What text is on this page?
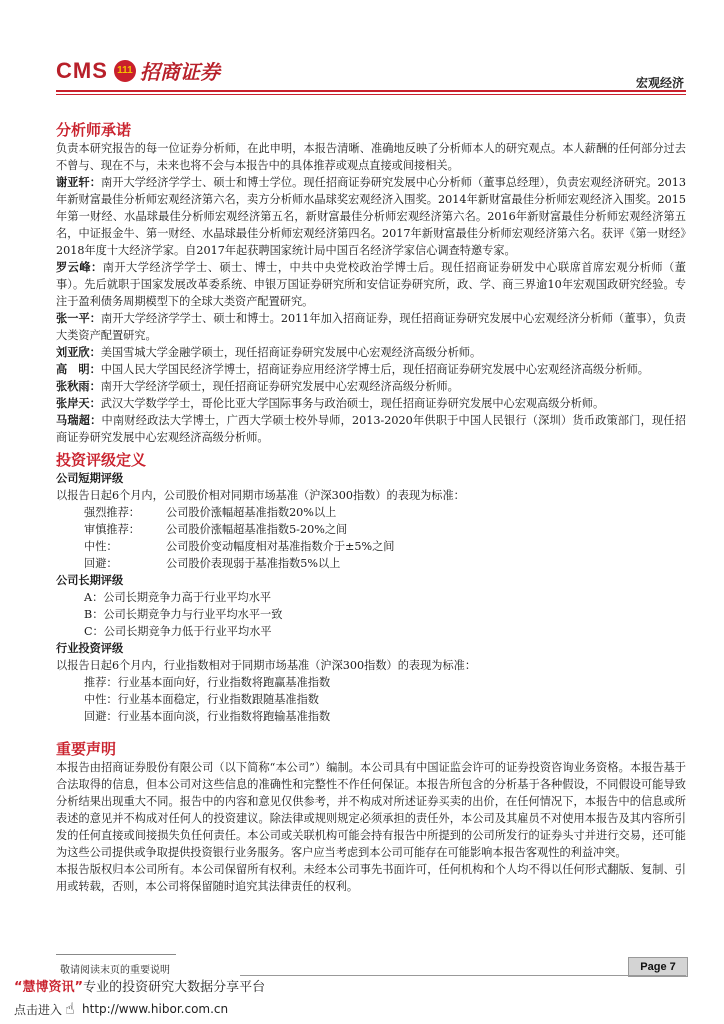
CMS 111 招商证券	宏观经济
分析师承诺

负责本研究报告的每一位证券分析师，在此申明，本报告清晰、准确地反映了分析师本人的研究观点。本人薪酬的任何部分过去不曾与、现在不与，未来也将不会与本报告中的具体推荐或观点直接或间接相关。

谢亚轩：南开大学经济学学士、硕士和博士学位。现任招商证券研究发展中心分析师（董事总经理），负责宏观经济研究。2013年新财富最佳分析师宏观经济第六名，卖方分析师水晶球奖宏观经济入围奖。2014年新财富最佳分析师宏观经济入围奖。2015年第一财经、水晶球最佳分析师宏观经济第五名，新财富最佳分析师宏观经济第六名。2016年新财富最佳分析师宏观经济第五名，中证报金牛、第一财经、水晶球最佳分析师宏观经济第四名。2017年新财富最佳分析师宏观经济第六名。获评《第一财经》2018年度十大经济学家。自2017年起获聘国家统计局中国百名经济学家信心调查特邀专家。

罗云峰：南开大学经济学学士、硕士、博士，中共中央党校政治学博士后。现任招商证券研发中心联席首席宏观分析师（董事）。先后就职于国家发展改革委系统、申银万国证券研究所和安信证券研究所，政、学、商三界逾10年宏观国政研究经验。专注于盈利债务周期模型下的全球大类资产配置研究。

张一平：南开大学经济学学士、硕士和博士。2011年加入招商证券，现任招商证券研究发展中心宏观经济分析师（董事），负责大类资产配置研究。

刘亚欣：美国雪城大学金融学硕士，现任招商证券研究发展中心宏观经济高级分析师。

高　明：中国人民大学国民经济学博士，招商证券应用经济学博士后，现任招商证券研究发展中心宏观经济高级分析师。

张秋雨：南开大学经济学硕士，现任招商证券研究发展中心宏观经济高级分析师。

张岸天：武汉大学数学学士，哥伦比亚大学国际事务与政治硕士，现任招商证券研究发展中心宏观高级分析师。

马瑞超：中南财经政法大学博士，广西大学硕士校外导师，2013-2020年供职于中国人民银行（深圳）货币政策部门，现任招商证券研究发展中心宏观经济高级分析师。

投资评级定义

公司短期评级

以报告日起6个月内，公司股价相对同期市场基准（沪深300指数）的表现为标准：

强烈推荐： 公司股价涨幅超基准指数20%以上
审慎推荐： 公司股价涨幅超基准指数5-20%之间
中性：	公司股价变动幅度相对基准指数介于±5%之间
回避：	公司股价表现弱于基准指数5%以上

公司长期评级

A：公司长期竞争力高于行业平均水平
B：公司长期竞争力与行业平均水平一致
C：公司长期竞争力低于行业平均水平

行业投资评级

以报告日起6个月内，行业指数相对于同期市场基准（沪深300指数）的表现为标准：

推荐：行业基本面向好，行业指数将跑赢基准指数
中性：行业基本面稳定，行业指数跟随基准指数
回避：行业基本面向淡，行业指数将跑输基准指数
重要声明

本报告由招商证券股份有限公司（以下简称“本公司”）编制。本公司具有中国证监会许可的证券投资咨询业务资格。本报告基于合法取得的信息，但本公司对这些信息的准确性和完整性不作任何保证。本报告所包含的分析基于各种假设，不同假设可能导致分析结果出现重大不同。报告中的内容和意见仅供参考，并不构成对所述证券买卖的出价，在任何情况下，本报告中的信息或所表述的意见并不构成对任何人的投资建议。除法律或规则规定必须承担的责任外，本公司及其雇员不对使用本报告及其内容所引发的任何直接或间接损失负任何责任。本公司或关联机构可能会持有报告中所提到的公司所发行的证券头寸并进行交易，还可能为这些公司提供或争取提供投资银行业务服务。客户应当考虑到本公司可能存在可能影响本报告客观性的利益冲突。

本报告版权归本公司所有。本公司保留所有权利。未经本公司事先书面许可，任何机构和个人均不得以任何形式翻版、复制、引用或转载，否则，本公司将保留随时追究其法律责任的权利。

敬请阅读末页的重要说明	Page 7
“慧博资讯”专业的投资研究大数据分享平台
点击进入 ☝ http://www.hibor.com.cn
